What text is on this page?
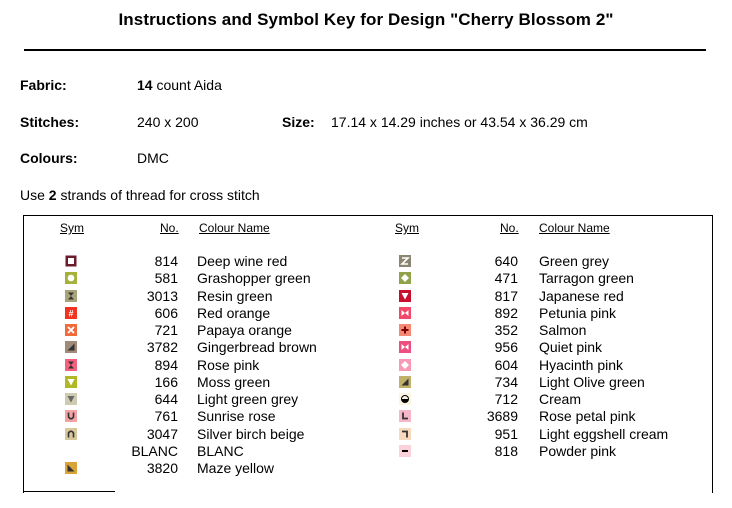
Instructions and Symbol Key for Design "Cherry Blossom 2"
Fabric:	14 count Aida
Stitches:	240 x 200	Size: 17.14 x 14.29 inches or 43.54 x 36.29 cm
Colours:	DMC
Use 2 strands of thread for cross stitch
Sym	No. Colour Name	Sym	No. Colour Name
814 Deep wine red
581 Grashopper green
3013 Resin green
#	606 Red orange
721 Papaya orange
3782 Gingerbread brown
894 Rose pink
166 Moss green
644 Light green grey
761 Sunrise rose
3047 Silver birch beige
BLANC BLANC
3820 Maze yellow
640 Green grey
471 Tarragon green
817 Japanese red
892 Petunia pink
352 Salmon
956 Quiet pink
604 Hyacinth pink
734 Light Olive green
712 Cream
3689 Rose petal pink
951 Light eggshell cream
818 Powder pink
